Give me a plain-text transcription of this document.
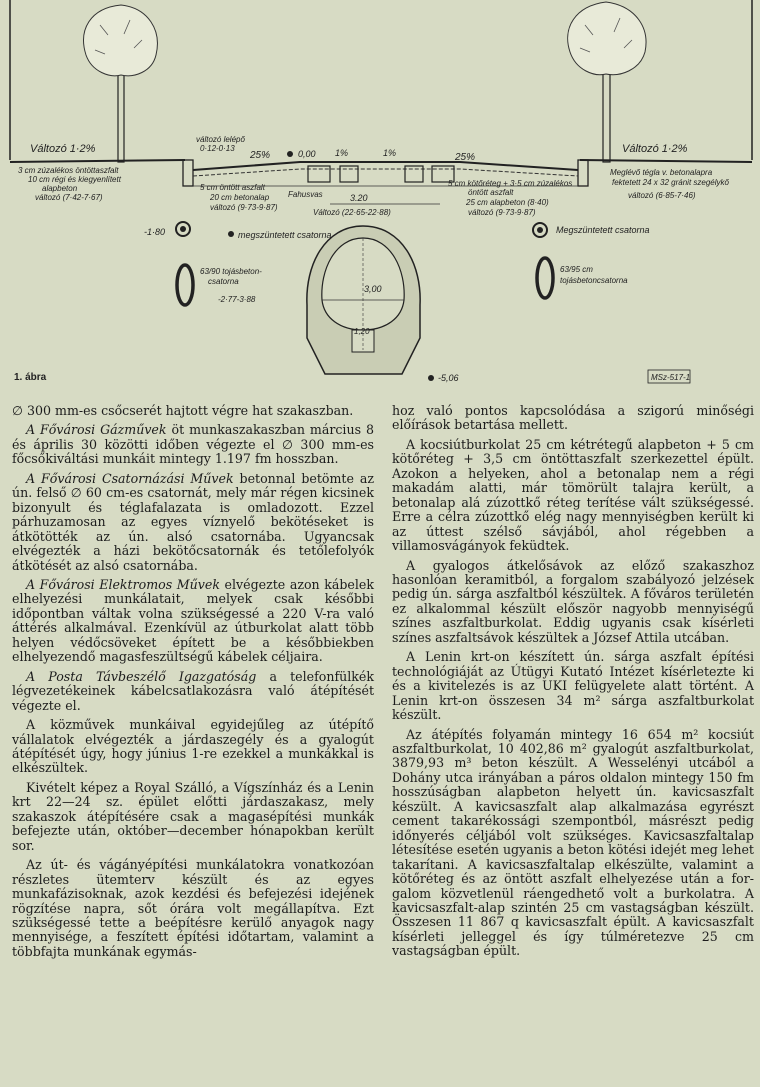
Változó 1·2%
3 cm zúzalékos öntöttaszfalt
10 cm régi és kiegyenlített
alapbeton
változó (7·42-7·67)
változó lelépő
0·12-0·13
25%	0,00 1%	1%	25%
5 cm öntött aszfalt
20 cm betonalap
változó (9·73-9·87)
Fahusvas	3.20
Változó (22·65-22·88)
5 cm kötőréteg + 3·5 cm zúzalékos
öntött aszfalt
25 cm alapbeton (8·40)
változó (9·73-9·87)
Változó 1·2%
Meglévő tégla v. betonalapra
fektetett 24 x 32 gránit szegélykő
változó (6·85-7·46)
-1·80	megszüntetett csatorna	Megszüntetett csatorna
63/90 tojásbeton-
csatorna
-2·77-3·88
63/95 cm
tojásbetoncsatorna
3,00
1,20
-5,06
1. ábra	MSz-517-1

∅ 300 mm-es csőcserét hajtott végre hat szakaszban.

A Fővárosi Gázművek öt munkaszakaszban március 8 és április 30 közötti időben végezte el ∅ 300 mm-es főcsőkiváltási munkáit mintegy 1.197 fm hosszban.

A Fővárosi Csatornázási Művek betonnal betömte az ún. felső ∅ 60 cm-es csatornát, mely már régen kicsinek bizonyult és téglafalazata is omladozott. Ezzel párhuzamosan az egyes víznyelő bekötéseket is átkötötték az ún. alsó csatornába. Ugyancsak elvégezték a házi bekötőcsatornák és tetőlefolyók átkötését az alsó csatornába.

A Fővárosi Elektromos Művek elvégezte azon kábelek elhelyezési munkálatait, melyek csak későbbi időpontban váltak volna szükségessé a 220 V-ra való áttérés alkalmával. Ezenkívül az útburkolat alatt több helyen védőcsöveket épített be a későbbiekben elhelyezendő magasfeszültségű kábelek céljaira.

A Posta Távbeszélő Igazgatóság a telefonfülkék légvezetékeinek kábelcsatlakozásra való átépítését végezte el.

A közművek munkáival egyidejűleg az útépítő vállalatok elvégezték a járdaszegély és a gyalogút átépítését úgy, hogy június 1-re ezekkel a munkákkal is elkészültek.

Kivételt képez a Royal Szálló, a Vígszínház és a Lenin krt 22—24 sz. épület előtti járdaszakasz, mely szakaszok átépítésére csak a magasépítési munkák befejezte után, október—december hónapokban került sor.

Az út- és vágányépítési munkálatokra vonatkozóan részletes ütemterv készült és az egyes munkafázisoknak, azok kezdési és befejezési idejének rögzítése napra, sőt órára volt megállapítva. Ezt szükségessé tette a beépítésre kerülő anyagok nagy mennyisége, a feszített építési időtartam, valamint a többfajta munkának egymás-

hoz való pontos kapcsolódása a szigorú minőségi előírások betartása mellett.

A kocsiútburkolat 25 cm kétrétegű alapbeton + 5 cm kötőréteg + 3,5 cm öntöttaszfalt szerkezettel épült. Azokon a helyeken, ahol a betonalap nem a régi makadám alatti, már tömörült talajra került, a betonalap alá zúzottkő réteg terítése vált szükségessé. Erre a célra zúzottkő elég nagy mennyiségben került ki az úttest szélső sávjából, ahol régebben a villamosvágányok feküdtek.

A gyalogos átkelősávok az előző szakaszhoz hasonlóan keramitból, a forgalom szabályozó jelzések pedig ún. sárga aszfaltból készültek. A főváros területén ez alkalommal készült először nagyobb mennyiségű színes aszfaltburkolat. Eddig ugyanis csak kísérleti színes aszfaltsávok készültek a József Attila utcában.

A Lenin krt-on készített ún. sárga aszfalt építési technológiáját az Útügyi Kutató Intézet kísérletezte ki és a kivitelezés is az UKI felügyelete alatt történt. A Lenin krt-on összesen 34 m² sárga aszfaltburkolat készült.

Az átépítés folyamán mintegy 16 654 m² kocsiút aszfaltburkolat, 10 402,86 m² gyalogút aszfaltburkolat, 3879,93 m³ beton készült. A Wesselényi utcából a Dohány utca irányában a páros oldalon mintegy 150 fm hosszúságban alapbeton helyett ún. kavicsaszfalt készült. A kavicsaszfalt alap alkalmazása egyrészt cement takarékossági szempontból, másrészt pedig időnyerés céljából volt szükséges. Kavicsaszfaltalap létesítése esetén ugyanis a beton kötési idejét meg lehet takarítani. A kavicsaszfaltalap elkészülte, valamint a kötőréteg és az öntött aszfalt elhelyezése után a forgalom közvetlenül ráengedhető volt a burkolatra. A kavicsaszfalt-alap szintén 25 cm vastagságban készült. Összesen 11 867 q kavicsaszfalt épült. A kavicsaszfalt kísérleti jelleggel és így túlméretezve 25 cm vastagságban épült.
